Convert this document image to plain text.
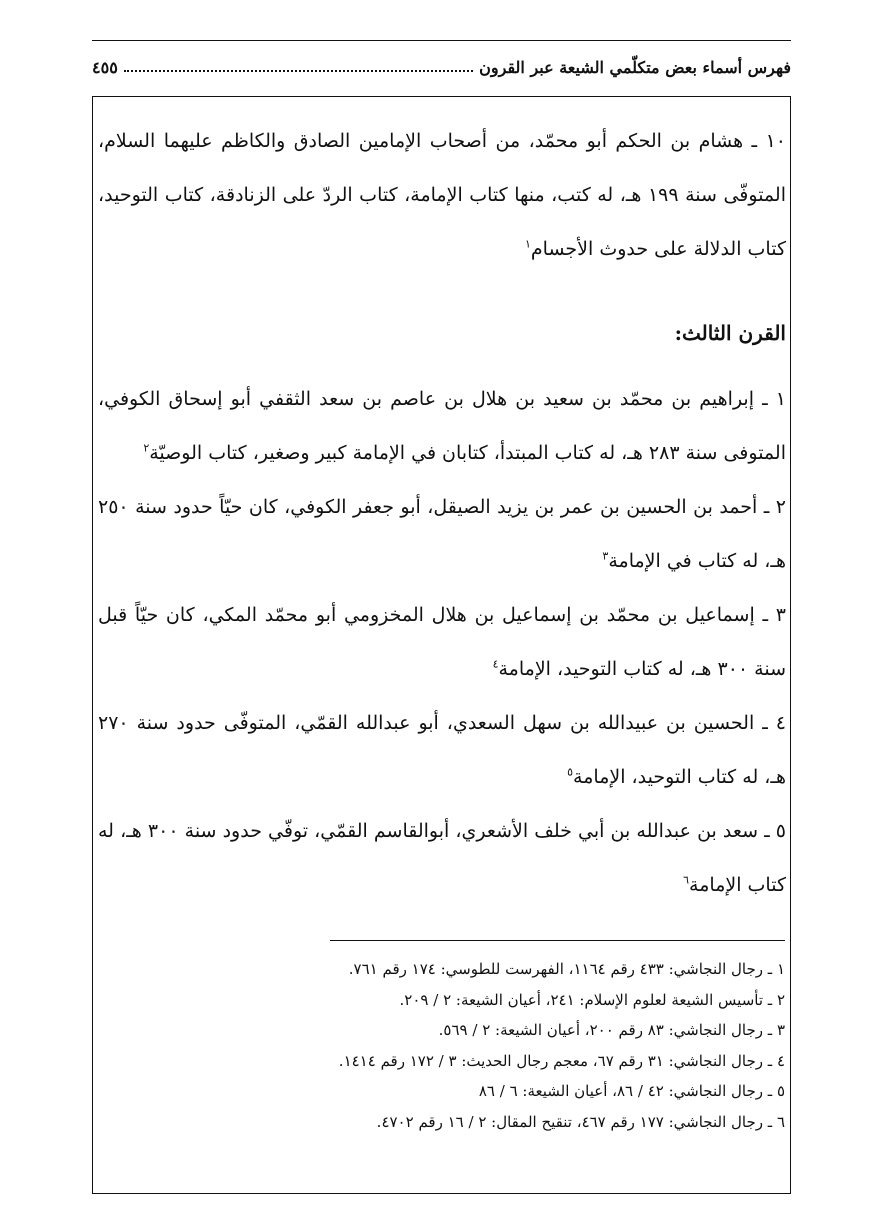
فهرس أسماء بعض متكلّمي الشيعة عبر القرون
٤٥٥

١٠ ـ هشام بن الحكم أبو محمّد، من أصحاب الإمامين الصادق والكاظم عليهما السلام، المتوفّى سنة ١٩٩ هـ، له كتب، منها كتاب الإمامة، كتاب الردّ على الزنادقة، كتاب التوحيد، كتاب الدلالة على حدوث الأجسام$^١$

القرن الثالث:

١ ـ إبراهيم بن محمّد بن سعيد بن هلال بن عاصم بن سعد الثقفي أبو إسحاق الكوفي، المتوفى سنة ٢٨٣ هـ، له كتاب المبتدأ، كتابان في الإمامة كبير وصغير، كتاب الوصيّة$^٢$

٢ ـ أحمد بن الحسين بن عمر بن يزيد الصيقل، أبو جعفر الكوفي، كان حيّاً حدود سنة ٢٥٠ هـ، له كتاب في الإمامة$^٣$

٣ ـ إسماعيل بن محمّد بن إسماعيل بن هلال المخزومي أبو محمّد المكي، كان حيّاً قبل سنة ٣٠٠ هـ، له كتاب التوحيد، الإمامة$^٤$

٤ ـ الحسين بن عبيدالله بن سهل السعدي، أبو عبدالله القمّي، المتوفّى حدود سنة ٢٧٠ هـ، له كتاب التوحيد، الإمامة$^٥$

٥ ـ سعد بن عبدالله بن أبي خلف الأشعري، أبوالقاسم القمّي، توفّي حدود سنة ٣٠٠ هـ، له كتاب الإمامة$^٦$

١ ـ رجال النجاشي: ٤٣٣ رقم ١١٦٤، الفهرست للطوسي: ١٧٤ رقم ٧٦١.
٢ ـ تأسيس الشيعة لعلوم الإسلام: ٢٤١، أعيان الشيعة: ٢ / ٢٠٩.
٣ ـ رجال النجاشي: ٨٣ رقم ٢٠٠، أعيان الشيعة: ٢ / ٥٦٩.
٤ ـ رجال النجاشي: ٣١ رقم ٦٧، معجم رجال الحديث: ٣ / ١٧٢ رقم ١٤١٤.
٥ ـ رجال النجاشي: ٤٢ / ٨٦، أعيان الشيعة: ٦ / ٨٦
٦ ـ رجال النجاشي: ١٧٧ رقم ٤٦٧، تنقيح المقال: ٢ / ١٦ رقم ٤٧٠٢.
